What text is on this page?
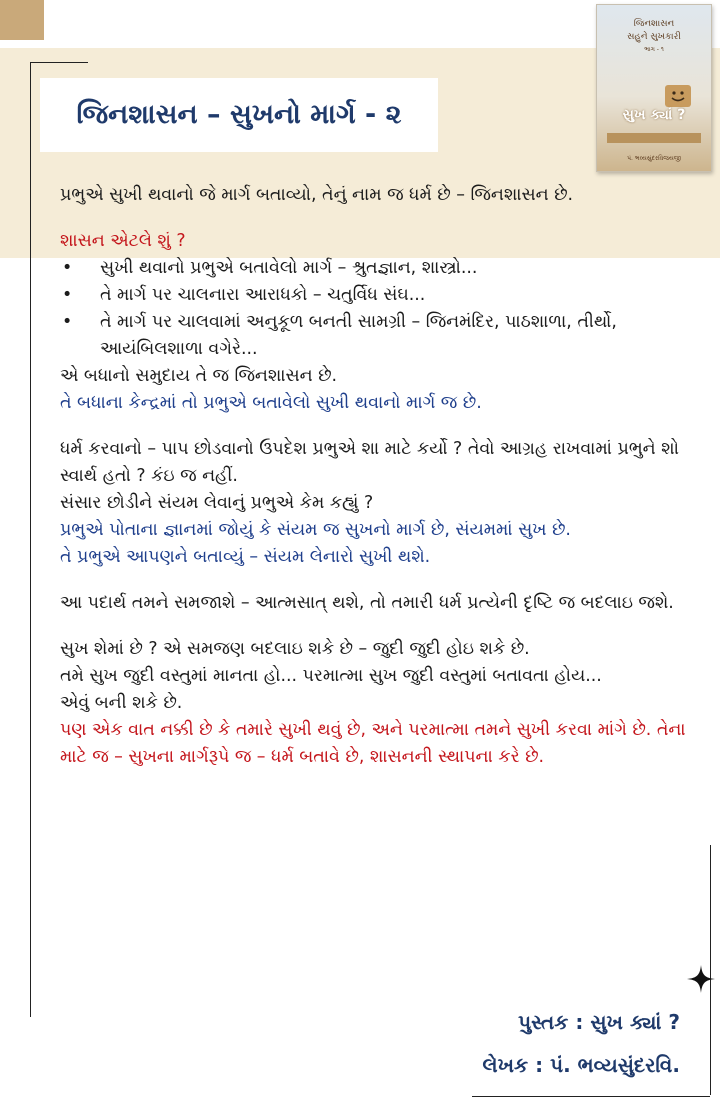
જિનશાસન – સુખનો માર્ગ - ૨
જિનશાસન
સહુને સુખકારી
ભાગ - ૧
સુખ ક્યાં ?
પં. ભવ્યસુંદરવિજયજી

પ્રભુએ સુખી થવાનો જે માર્ગ બતાવ્યો, તેનું નામ જ ધર્મ છે – જિનશાસન છે.

શાસન એટલે શું ?

• સુખી થવાનો પ્રભુએ બતાવેલો માર્ગ – શ્રુતજ્ઞાન, શાસ્ત્રો...
• તે માર્ગ પર ચાલનારા આરાધકો – ચતુર્વિધ સંઘ...
• તે માર્ગ પર ચાલવામાં અનુકૂળ બનતી સામગ્રી – જિનમંદિર, પાઠશાળા, તીર્થો, આયંબિલશાળા વગેરે...

એ બધાનો સમુદાય તે જ જિનશાસન છે.

તે બધાના કેન્દ્રમાં તો પ્રભુએ બતાવેલો સુખી થવાનો માર્ગ જ છે.

ધર્મ કરવાનો – પાપ છોડવાનો ઉપદેશ પ્રભુએ શા માટે કર્યો ? તેવો આગ્રહ રાખવામાં પ્રભુને શો સ્વાર્થ હતો ? કંઇ જ નહીં.

સંસાર છોડીને સંયમ લેવાનું પ્રભુએ કેમ કહ્યું ?

પ્રભુએ પોતાના જ્ઞાનમાં જોયું કે સંયમ જ સુખનો માર્ગ છે, સંયમમાં સુખ છે.

તે પ્રભુએ આપણને બતાવ્યું – સંયમ લેનારો સુખી થશે.

આ પદાર્થ તમને સમજાશે – આત્મસાત્ થશે, તો તમારી ધર્મ પ્રત્યેની દૃષ્ટિ જ બદલાઇ જશે.

સુખ શેમાં છે ? એ સમજણ બદલાઇ શકે છે – જુદી જુદી હોઇ શકે છે.

તમે સુખ જુદી વસ્તુમાં માનતા હો... પરમાત્મા સુખ જુદી વસ્તુમાં બતાવતા હોય...

એવું બની શકે છે.

પણ એક વાત નક્કી છે કે તમારે સુખી થવું છે, અને પરમાત્મા તમને સુખી કરવા માંગે છે. તેના માટે જ – સુખના માર્ગરૂપે જ – ધર્મ બતાવે છે, શાસનની સ્થાપના કરે છે.

પુસ્તક : સુખ ક્યાં ?
લેખક : પં. ભવ્યસુંદરવિ.
